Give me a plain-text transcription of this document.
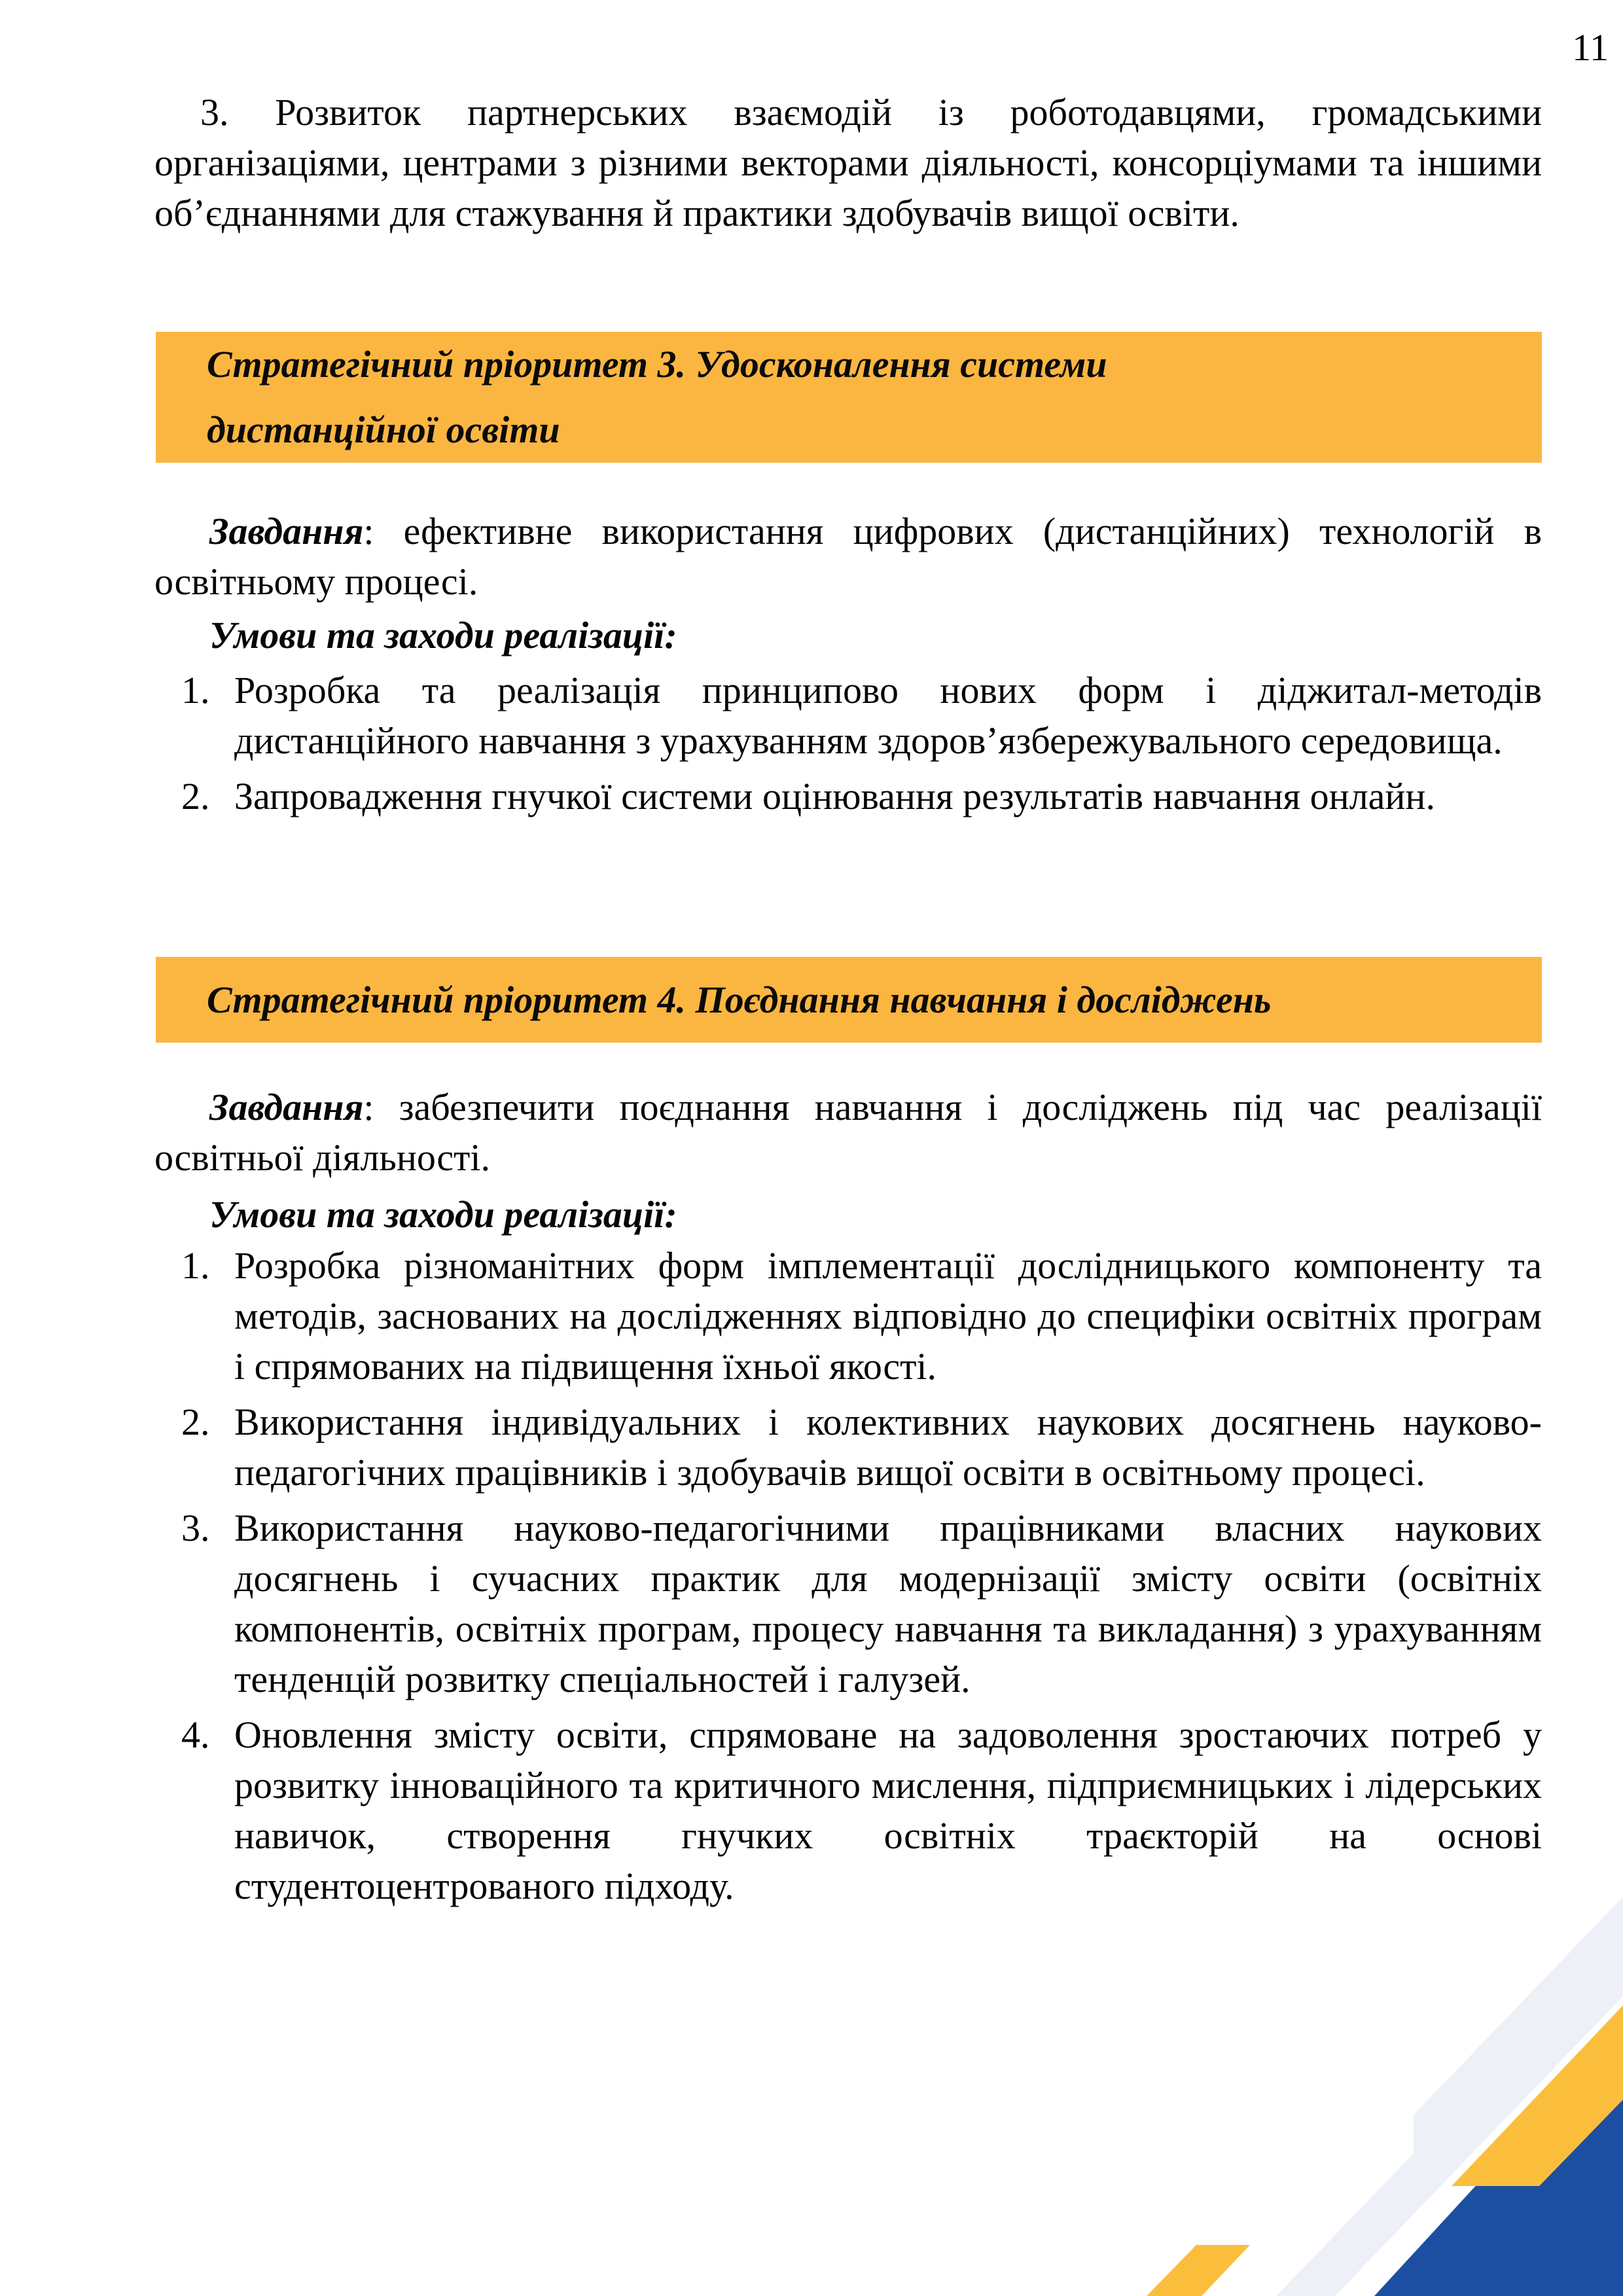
11

3. Розвиток партнерських взаємодій із роботодавцями, громадськими організаціями, центрами з різними векторами діяльності, консорціумами та іншими об’єднаннями для стажування й практики здобувачів вищої освіти.

Стратегічний пріоритет 3. Удосконалення системи дистанційної освіти

Завдання: ефективне використання цифрових (дистанційних) технологій в освітньому процесі.

Умови та заходи реалізації:

1. Розробка та реалізація принципово нових форм і діджитал-методів дистанційного навчання з урахуванням здоров’язбережувального середовища.
2. Запровадження гнучкої системи оцінювання результатів навчання онлайн.
Стратегічний пріоритет 4. Поєднання навчання і досліджень

Завдання: забезпечити поєднання навчання і досліджень під час реалізації освітньої діяльності.

Умови та заходи реалізації:

1. Розробка різноманітних форм імплементації дослідницького компоненту та методів, заснованих на дослідженнях відповідно до специфіки освітніх програм і спрямованих на підвищення їхньої якості.
2. Використання індивідуальних і колективних наукових досягнень науково-педагогічних працівників і здобувачів вищої освіти в освітньому процесі.
3. Використання науково-педагогічними працівниками власних наукових досягнень і сучасних практик для модернізації змісту освіти (освітніх компонентів, освітніх програм, процесу навчання та викладання) з урахуванням тенденцій розвитку спеціальностей і галузей.
4. Оновлення змісту освіти, спрямоване на задоволення зростаючих потреб у розвитку інноваційного та критичного мислення, підприємницьких і лідерських навичок, створення гнучких освітніх траєкторій на основі студентоцентрованого підходу.
